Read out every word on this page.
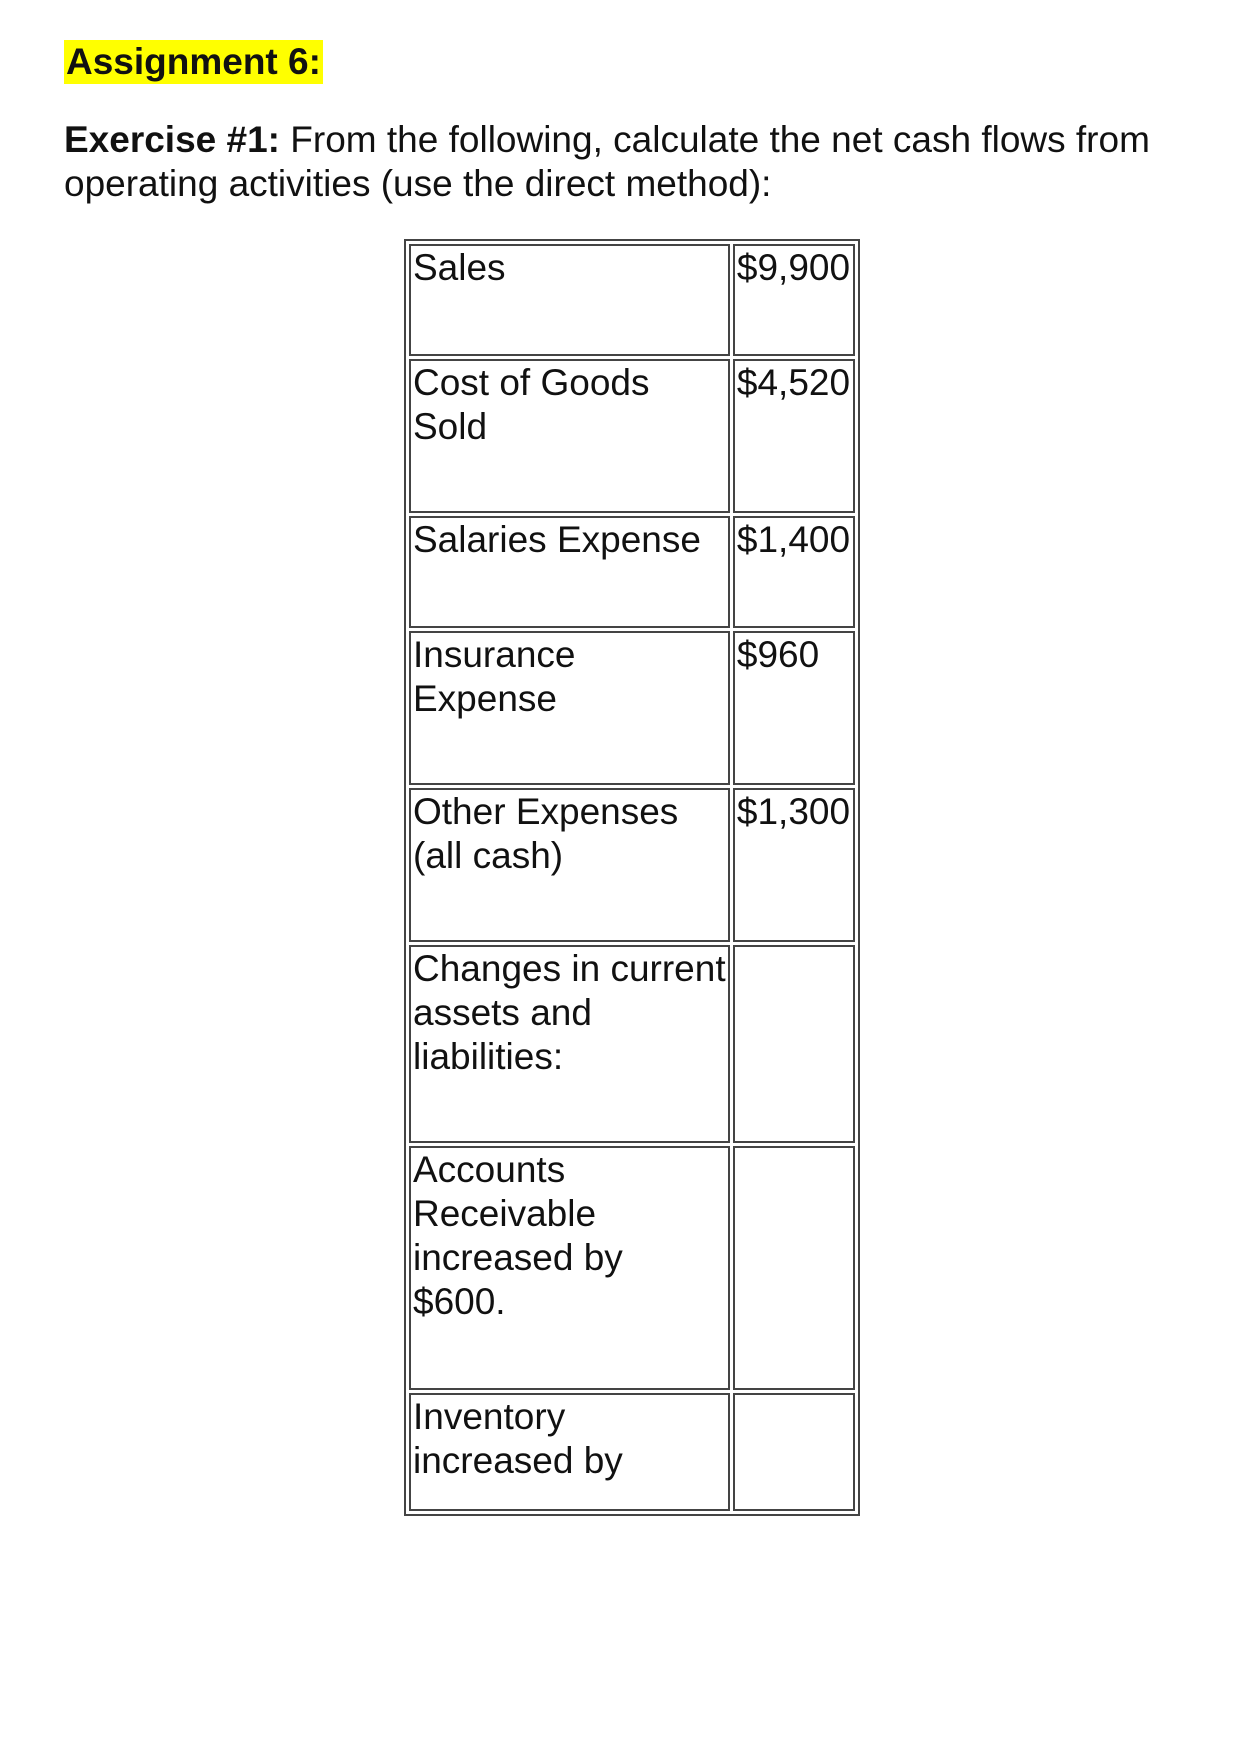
Assignment 6:
Exercise #1: From the following, calculate the net cash flows from operating activities (use the direct method):
Sales	$9,900
Cost of Goods Sold	$4,520
Salaries Expense	$1,400
Insurance Expense	$960
Other Expenses (all cash)	$1,300
Changes in current assets and liabilities:	
Accounts Receivable increased by $600.	
Inventory increased by	
